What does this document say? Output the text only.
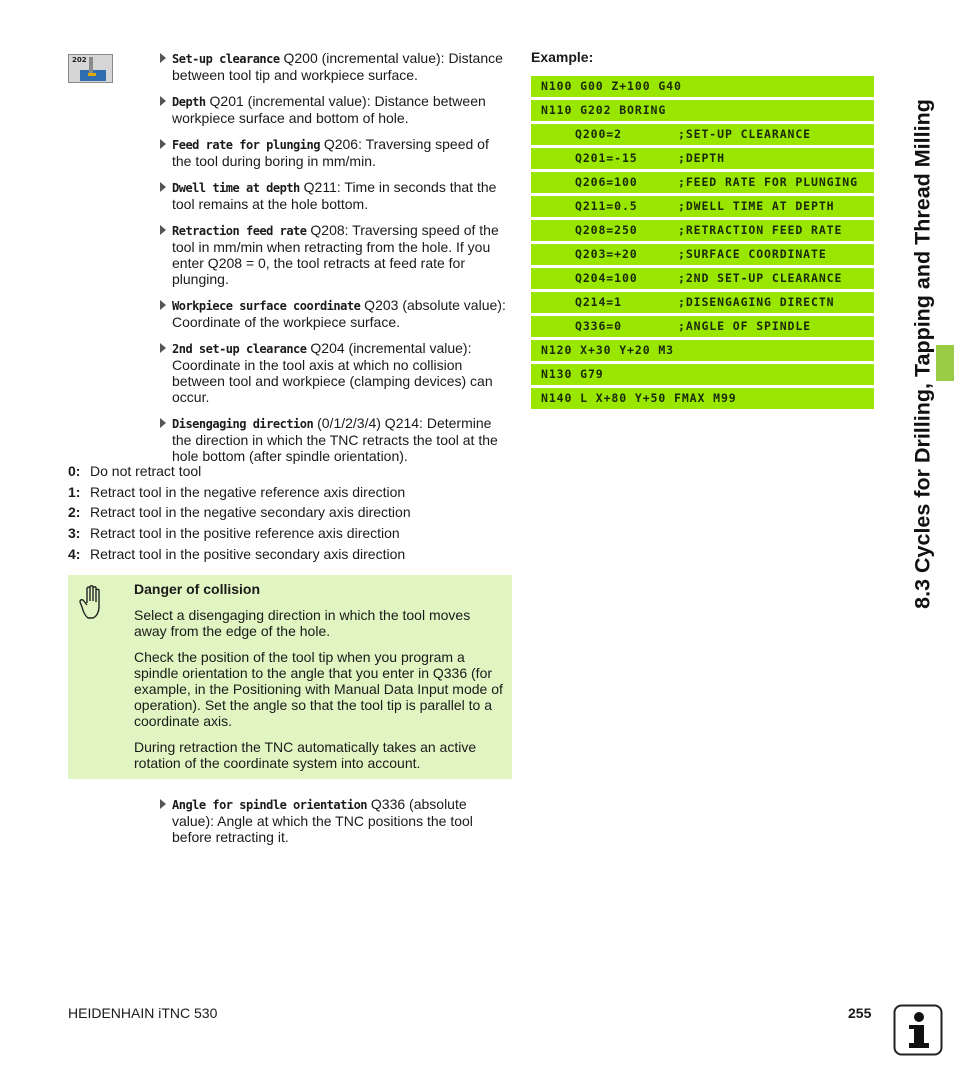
202	Set-up clearance Q200 (incremental value): Distance between tool tip and workpiece surface.
Depth Q201 (incremental value): Distance between workpiece surface and bottom of hole.
Feed rate for plunging Q206: Traversing speed of the tool during boring in mm/min.
Dwell time at depth Q211: Time in seconds that the tool remains at the hole bottom.
Retraction feed rate Q208: Traversing speed of the tool in mm/min when retracting from the hole. If you enter Q208 = 0, the tool retracts at feed rate for plunging.
Workpiece surface coordinate Q203 (absolute value): Coordinate of the workpiece surface.
2nd set-up clearance Q204 (incremental value): Coordinate in the tool axis at which no collision between tool and workpiece (clamping devices) can occur.
Disengaging direction (0/1/2/3/4) Q214: Determine the direction in which the TNC retracts the tool at the hole bottom (after spindle orientation).
0: Do not retract tool
1: Retract tool in the negative reference axis direction
2: Retract tool in the negative secondary axis direction
3: Retract tool in the positive reference axis direction
4: Retract tool in the positive secondary axis direction
Danger of collision

Select a disengaging direction in which the tool moves away from the edge of the hole.

Check the position of the tool tip when you program a spindle orientation to the angle that you enter in Q336 (for example, in the Positioning with Manual Data Input mode of operation). Set the angle so that the tool tip is parallel to a coordinate axis.

During retraction the TNC automatically takes an active rotation of the coordinate system into account.

Angle for spindle orientation Q336 (absolute value): Angle at which the TNC positions the tool before retracting it.
Example:
N100 G00 Z+100 G40
N110 G202 BORING
Q200=2	;SET-UP CLEARANCE
Q201=-15	;DEPTH
Q206=100	;FEED RATE FOR PLUNGING
Q211=0.5	;DWELL TIME AT DEPTH
Q208=250	;RETRACTION FEED RATE
Q203=+20	;SURFACE COORDINATE
Q204=100	;2ND SET-UP CLEARANCE
Q214=1	;DISENGAGING DIRECTN
Q336=0	;ANGLE OF SPINDLE
N120 X+30 Y+20 M3
N130 G79
N140 L X+80 Y+50 FMAX M99	8.3 Cycles for Drilling, Tapping and Thread Milling
HEIDENHAIN iTNC 530	255
